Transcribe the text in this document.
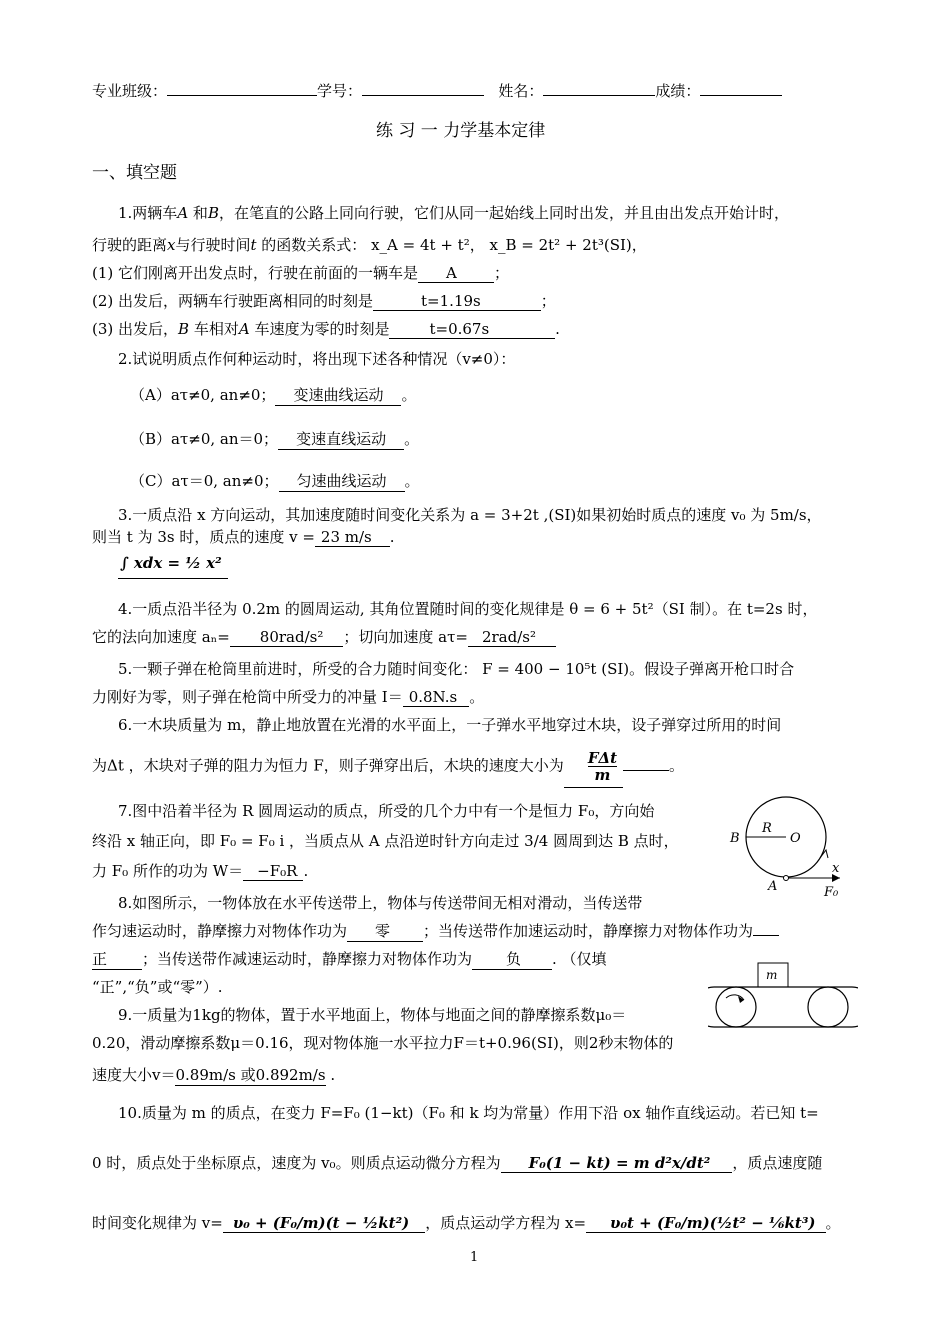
专业班级：	学号：	姓名：	成绩：
练 习 一 力学基本定律
一、填空题
1.两辆车A 和B，在笔直的公路上同向行驶，它们从同一起始线上同时出发，并且由出发点开始计时，
行驶的距离x与行驶时间t 的函数关系式： x_A = 4t + t²， x_B = 2t² + 2t³(SI)，
(1) 它们刚离开出发点时，行驶在前面的一辆车是 A ；
(2) 出发后，两辆车行驶距离相同的时刻是	t=1.19s	；
(3) 出发后，B 车相对A 车速度为零的时刻是	t=0.67s	.
2.试说明质点作何种运动时，将出现下述各种情况（v≠0）：
（A）aτ≠0, an≠0； 变速曲线运动 。
（B）aτ≠0, an＝0； 变速直线运动 。
（C）aτ＝0, an≠0； 匀速曲线运动 。
3.一质点沿 x 方向运动，其加速度随时间变化关系为 a = 3+2t ,(SI)如果初始时质点的速度 v₀ 为 5m/s，
则当 t 为 3s 时，质点的速度 v = 23 m/s .
∫ xdx = ½ x²
4.一质点沿半径为 0.2m 的圆周运动, 其角位置随时间的变化规律是 θ = 6 + 5t²（SI 制）。在 t=2s 时，
它的法向加速度 aₙ= 80rad/s² ；切向加速度 aτ= 2rad/s²
5.一颗子弹在枪筒里前进时，所受的合力随时间变化： F = 400 − 10⁵t (SI)。假设子弹离开枪口时合
力刚好为零，则子弹在枪筒中所受力的冲量 I＝ 0.8N.s 。
6.一木块质量为 m，静止地放置在光滑的水平面上，一子弹水平地穿过木块，设子弹穿过所用的时间
为Δt ，木块对子弹的阻力为恒力 F，则子弹穿出后，木块的速度大小为 $\frac{\text{FΔt}}{m}$	。
7.图中沿着半径为 R 圆周运动的质点，所受的几个力中有一个是恒力 F₀，方向始
终沿 x 轴正向，即 F₀ = F₀ i ，当质点从 A 点沿逆时针方向走过 3/4 圆周到达 B 点时，
力 F₀ 所作的功为 W＝ −F₀R .
B
R
O
A
x
F₀
8.如图所示，一物体放在水平传送带上，物体与传送带间无相对滑动，当传送带
作匀速运动时，静摩擦力对物体作功为 零 ；当传送带作加速运动时，静摩擦力对物体作功为
正 ；当传送带作减速运动时，静摩擦力对物体作功为 负 . （仅填
“正”,“负”或“零”）.
m
9.一质量为1kg的物体，置于水平地面上，物体与地面之间的静摩擦系数μ₀＝
0.20，滑动摩擦系数μ＝0.16，现对物体施一水平拉力F＝t+0.96(SI)，则2秒末物体的
速度大小v＝0.89m/s 或0.892m/s .
10.质量为 m 的质点，在变力 F=F₀ (1−kt)（F₀ 和 k 均为常量）作用下沿 ox 轴作直线运动。若已知 t=
0 时，质点处于坐标原点，速度为 v₀。则质点运动微分方程为 F₀(1 − kt) = m d²x/dt² ，质点速度随
时间变化规律为 v= υ₀ + (F₀/m)(t − ½kt²) ，质点运动学方程为 x= υ₀t + (F₀/m)(½t² − ⅙kt³) 。
1
